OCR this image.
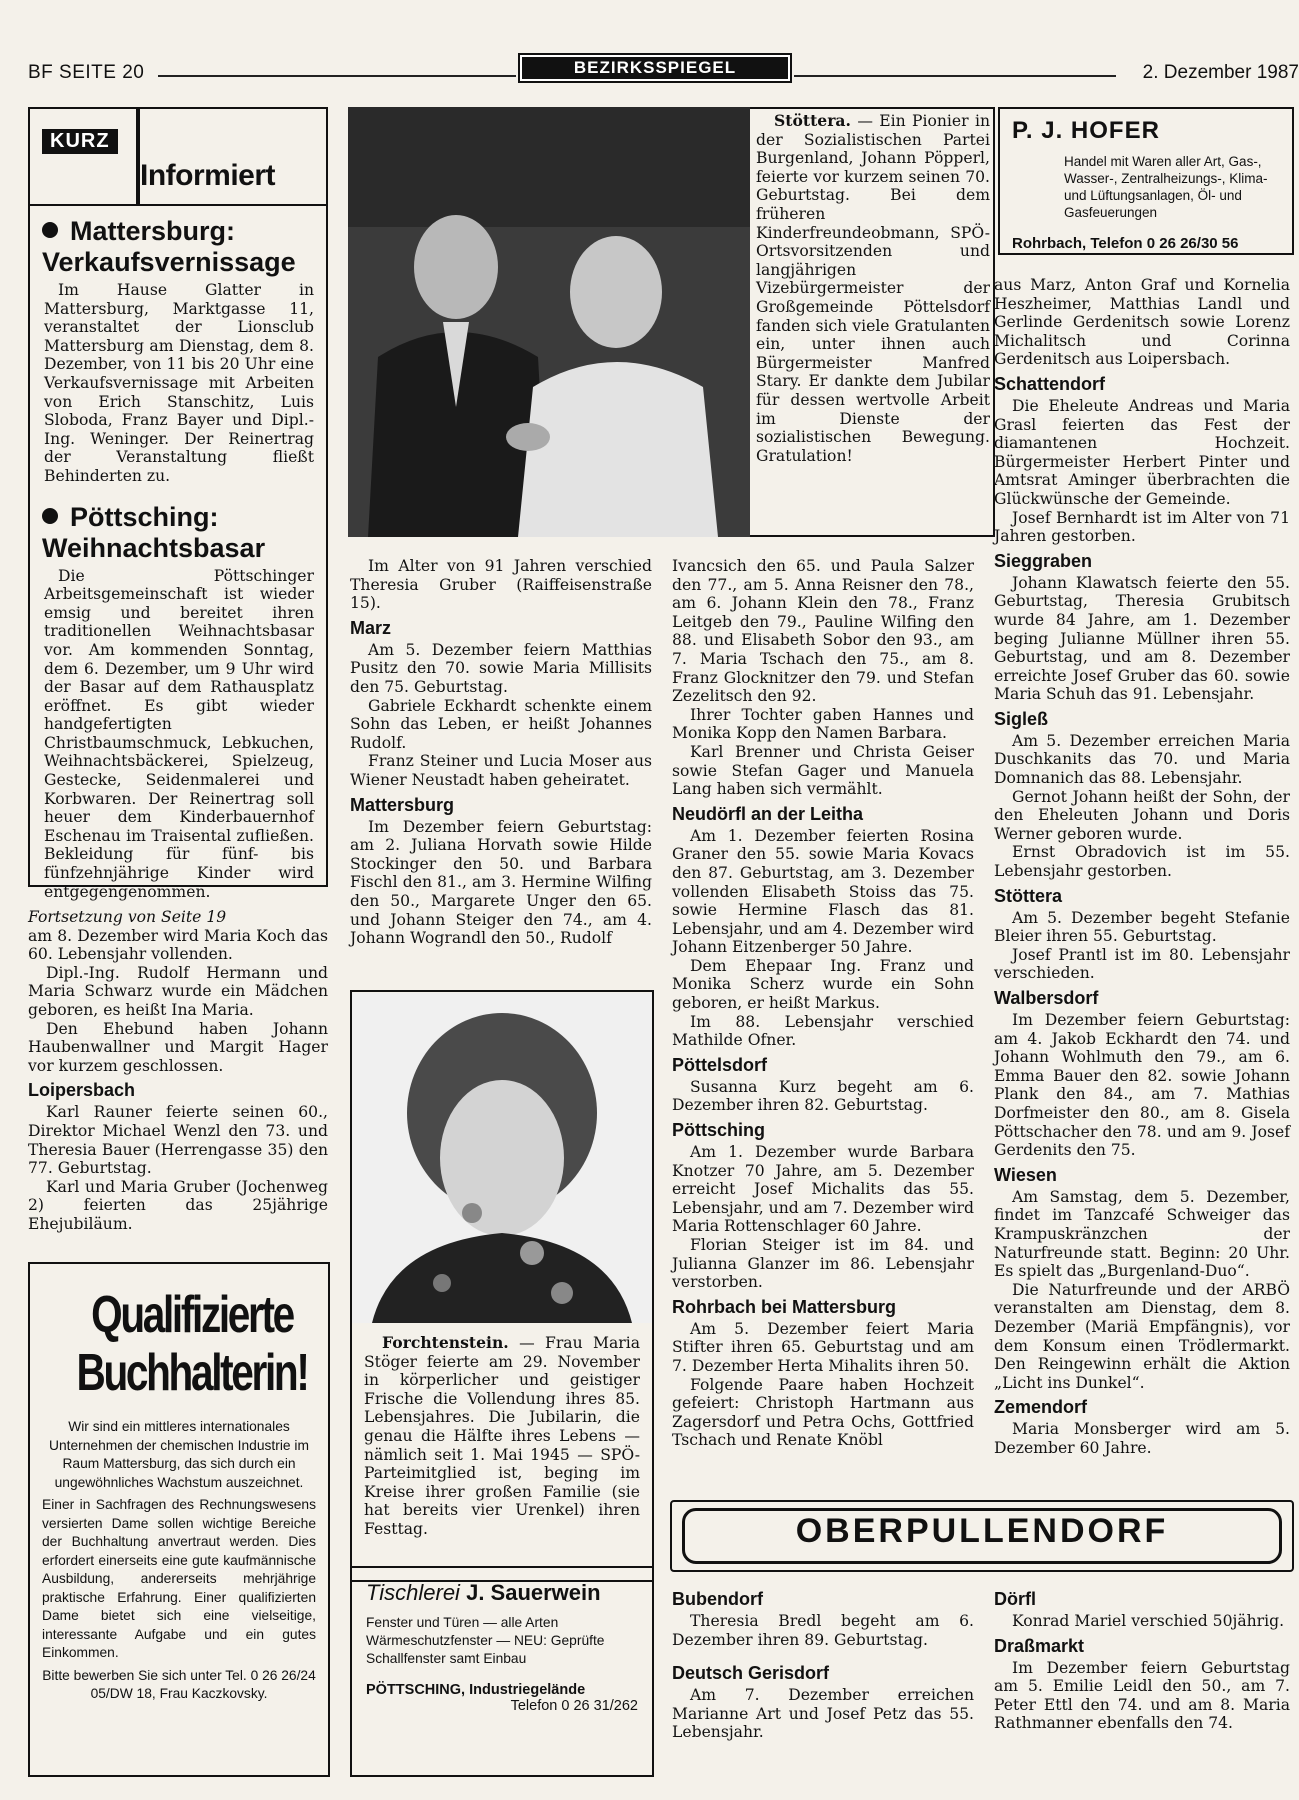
BF SEITE 20	BEZIRKSSPIEGEL	2. Dezember 1987
KURZ
Informiert
Mattersburg:
Verkaufsvernissage

Im Hause Glatter in Mattersburg, Marktgasse 11, veranstaltet der Lionsclub Mattersburg am Dienstag, dem 8. Dezember, von 11 bis 20 Uhr eine Verkaufsvernissage mit Arbeiten von Erich Stanschitz, Luis Sloboda, Franz Bayer und Dipl.-Ing. Weninger. Der Reinertrag der Veranstaltung fließt Behinderten zu.

Pöttsching:
Weihnachtsbasar

Die Pöttschinger Arbeitsgemeinschaft ist wieder emsig und bereitet ihren traditionellen Weihnachtsbasar vor. Am kommenden Sonntag, dem 6. Dezember, um 9 Uhr wird der Basar auf dem Rathausplatz eröffnet. Es gibt wieder handgefertigten Christbaumschmuck, Lebkuchen, Weihnachtsbäckerei, Spielzeug, Gestecke, Seidenmalerei und Korbwaren. Der Reinertrag soll heuer dem Kinderbauernhof Eschenau im Traisental zufließen. Bekleidung für fünf- bis fünfzehnjährige Kinder wird entgegengenommen.

Fortsetzung von Seite 19

am 8. Dezember wird Maria Koch das 60. Lebensjahr vollenden.

Dipl.-Ing. Rudolf Hermann und Maria Schwarz wurde ein Mädchen geboren, es heißt Ina Maria.

Den Ehebund haben Johann Haubenwallner und Margit Hager vor kurzem geschlossen.

Loipersbach

Karl Rauner feierte seinen 60., Direktor Michael Wenzl den 73. und Theresia Bauer (Herrengasse 35) den 77. Geburtstag.

Karl und Maria Gruber (Jochenweg 2) feierten das 25jährige Ehejubiläum.

Qualifizierte Buchhalterin!

Wir sind ein mittleres internationales Unternehmen der chemischen Industrie im Raum Mattersburg, das sich durch ein ungewöhnliches Wachstum auszeichnet.

Einer in Sachfragen des Rechnungswesens versierten Dame sollen wichtige Bereiche der Buchhaltung anvertraut werden. Dies erfordert einerseits eine gute kaufmännische Ausbildung, andererseits mehrjährige praktische Erfahrung. Einer qualifizierten Dame bietet sich eine vielseitige, interessante Aufgabe und ein gutes Einkommen.

Bitte bewerben Sie sich unter Tel. 0 26 26/24 05/DW 18, Frau Kaczkovsky.

Stöttera. — Ein Pionier in der Sozialistischen Partei Burgenland, Johann Pöpperl, feierte vor kurzem seinen 70. Geburtstag. Bei dem früheren Kinderfreundeobmann, SPÖ-Ortsvorsitzenden und langjährigen Vizebürgermeister der Großgemeinde Pöttelsdorf fanden sich viele Gratulanten ein, unter ihnen auch Bürgermeister Manfred Stary. Er dankte dem Jubilar für dessen wertvolle Arbeit im Dienste der sozialistischen Bewegung. Gratulation!

Im Alter von 91 Jahren verschied Theresia Gruber (Raiffeisenstraße 15).

Marz

Am 5. Dezember feiern Matthias Pusitz den 70. sowie Maria Millisits den 75. Geburtstag.

Gabriele Eckhardt schenkte einem Sohn das Leben, er heißt Johannes Rudolf.

Franz Steiner und Lucia Moser aus Wiener Neustadt haben geheiratet.

Mattersburg

Im Dezember feiern Geburtstag: am 2. Juliana Horvath sowie Hilde Stockinger den 50. und Barbara Fischl den 81., am 3. Hermine Wilfing den 50., Margarete Unger den 65. und Johann Steiger den 74., am 4. Johann Wograndl den 50., Rudolf

Forchtenstein. — Frau Maria Stöger feierte am 29. November in körperlicher und geistiger Frische die Vollendung ihres 85. Lebensjahres. Die Jubilarin, die genau die Hälfte ihres Lebens — nämlich seit 1. Mai 1945 — SPÖ-Parteimitglied ist, beging im Kreise ihrer großen Familie (sie hat bereits vier Urenkel) ihren Festtag.

Tischlerei J. Sauerwein
Fenster und Türen — alle Arten Wärmeschutzfenster — NEU: Geprüfte Schallfenster samt Einbau
PÖTTSCHING, Industriegelände
Telefon 0 26 31/262

Ivancsich den 65. und Paula Salzer den 77., am 5. Anna Reisner den 78., am 6. Johann Klein den 78., Franz Leitgeb den 79., Pauline Wilfing den 88. und Elisabeth Sobor den 93., am 7. Maria Tschach den 75., am 8. Franz Glocknitzer den 79. und Stefan Zezelitsch den 92.

Ihrer Tochter gaben Hannes und Monika Kopp den Namen Barbara.

Karl Brenner und Christa Geiser sowie Stefan Gager und Manuela Lang haben sich vermählt.

Neudörfl an der Leitha

Am 1. Dezember feierten Rosina Graner den 55. sowie Maria Kovacs den 87. Geburtstag, am 3. Dezember vollenden Elisabeth Stoiss das 75. sowie Hermine Flasch das 81. Lebensjahr, und am 4. Dezember wird Johann Eitzenberger 50 Jahre.

Dem Ehepaar Ing. Franz und Monika Scherz wurde ein Sohn geboren, er heißt Markus.

Im 88. Lebensjahr verschied Mathilde Ofner.

Pöttelsdorf

Susanna Kurz begeht am 6. Dezember ihren 82. Geburtstag.

Pöttsching

Am 1. Dezember wurde Barbara Knotzer 70 Jahre, am 5. Dezember erreicht Josef Michalits das 55. Lebensjahr, und am 7. Dezember wird Maria Rottenschlager 60 Jahre.

Florian Steiger ist im 84. und Julianna Glanzer im 86. Lebensjahr verstorben.

Rohrbach bei Mattersburg

Am 5. Dezember feiert Maria Stifter ihren 65. Geburtstag und am 7. Dezember Herta Mihalits ihren 50.

Folgende Paare haben Hochzeit gefeiert: Christoph Hartmann aus Zagersdorf und Petra Ochs, Gottfried Tschach und Renate Knöbl

P. J. HOFER
Handel mit Waren aller Art, Gas-, Wasser-, Zentralheizungs-, Klima- und Lüftungsanlagen, Öl- und Gasfeuerungen
Rohrbach, Telefon 0 26 26/30 56

aus Marz, Anton Graf und Kornelia Heszheimer, Matthias Landl und Gerlinde Gerdenitsch sowie Lorenz Michalitsch und Corinna Gerdenitsch aus Loipersbach.

Schattendorf

Die Eheleute Andreas und Maria Grasl feierten das Fest der diamantenen Hochzeit. Bürgermeister Herbert Pinter und Amtsrat Aminger überbrachten die Glückwünsche der Gemeinde.

Josef Bernhardt ist im Alter von 71 Jahren gestorben.

Sieggraben

Johann Klawatsch feierte den 55. Geburtstag, Theresia Grubitsch wurde 84 Jahre, am 1. Dezember beging Julianne Müllner ihren 55. Geburtstag, und am 8. Dezember erreichte Josef Gruber das 60. sowie Maria Schuh das 91. Lebensjahr.

Sigleß

Am 5. Dezember erreichen Maria Duschkanits das 70. und Maria Domnanich das 88. Lebensjahr.

Gernot Johann heißt der Sohn, der den Eheleuten Johann und Doris Werner geboren wurde.

Ernst Obradovich ist im 55. Lebensjahr gestorben.

Stöttera

Am 5. Dezember begeht Stefanie Bleier ihren 55. Geburtstag.

Josef Prantl ist im 80. Lebensjahr verschieden.

Walbersdorf

Im Dezember feiern Geburtstag: am 4. Jakob Eckhardt den 74. und Johann Wohlmuth den 79., am 6. Emma Bauer den 82. sowie Johann Plank den 84., am 7. Mathias Dorfmeister den 80., am 8. Gisela Pöttschacher den 78. und am 9. Josef Gerdenits den 75.

Wiesen

Am Samstag, dem 5. Dezember, findet im Tanzcafé Schweiger das Krampuskränzchen der Naturfreunde statt. Beginn: 20 Uhr. Es spielt das „Burgenland-Duo“.

Die Naturfreunde und der ARBÖ veranstalten am Dienstag, dem 8. Dezember (Mariä Empfängnis), vor dem Konsum einen Trödlermarkt. Den Reingewinn erhält die Aktion „Licht ins Dunkel“.

Zemendorf

Maria Monsberger wird am 5. Dezember 60 Jahre.

OBERPULLENDORF
Bubendorf

Theresia Bredl begeht am 6. Dezember ihren 89. Geburtstag.

Deutsch Gerisdorf

Am 7. Dezember erreichen Marianne Art und Josef Petz das 55. Lebensjahr.

Dörfl

Konrad Mariel verschied 50jährig.

Draßmarkt

Im Dezember feiern Geburtstag am 5. Emilie Leidl den 50., am 7. Peter Ettl den 74. und am 8. Maria Rathmanner ebenfalls den 74.
